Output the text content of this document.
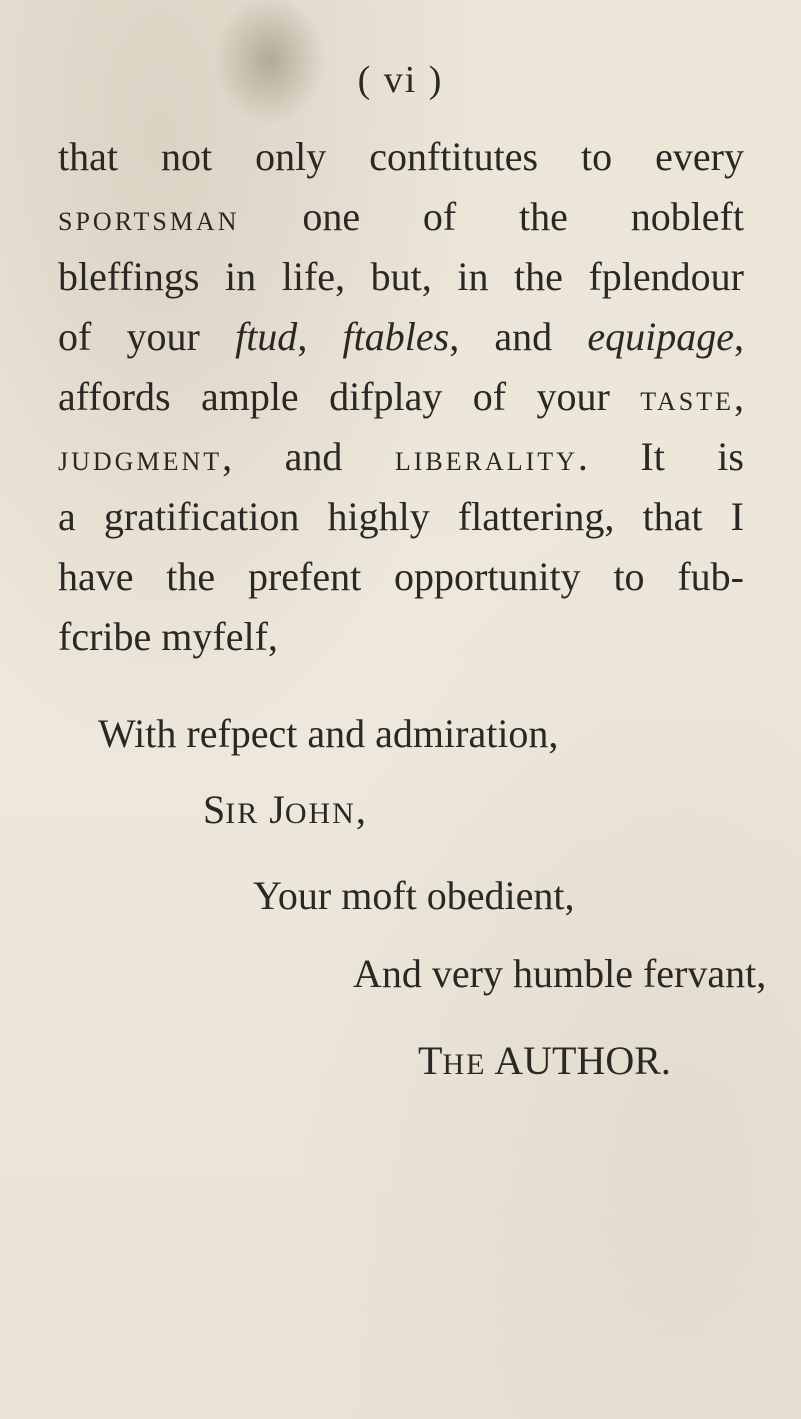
( vi )
that not only conftitutes to every
SPORTSMAN one of the nobleft
bleffings in life, but, in the fplendour
of your ftud, ftables, and equipage,
affords ample difplay of your TASTE,
JUDGMENT, and LIBERALITY. It is
a gratification highly flattering, that I
have the prefent opportunity to fub-
fcribe myfelf,
With refpect and admiration,
SIR JOHN,
Your moft obedient,
And very humble fervant,
THE AUTHOR.
